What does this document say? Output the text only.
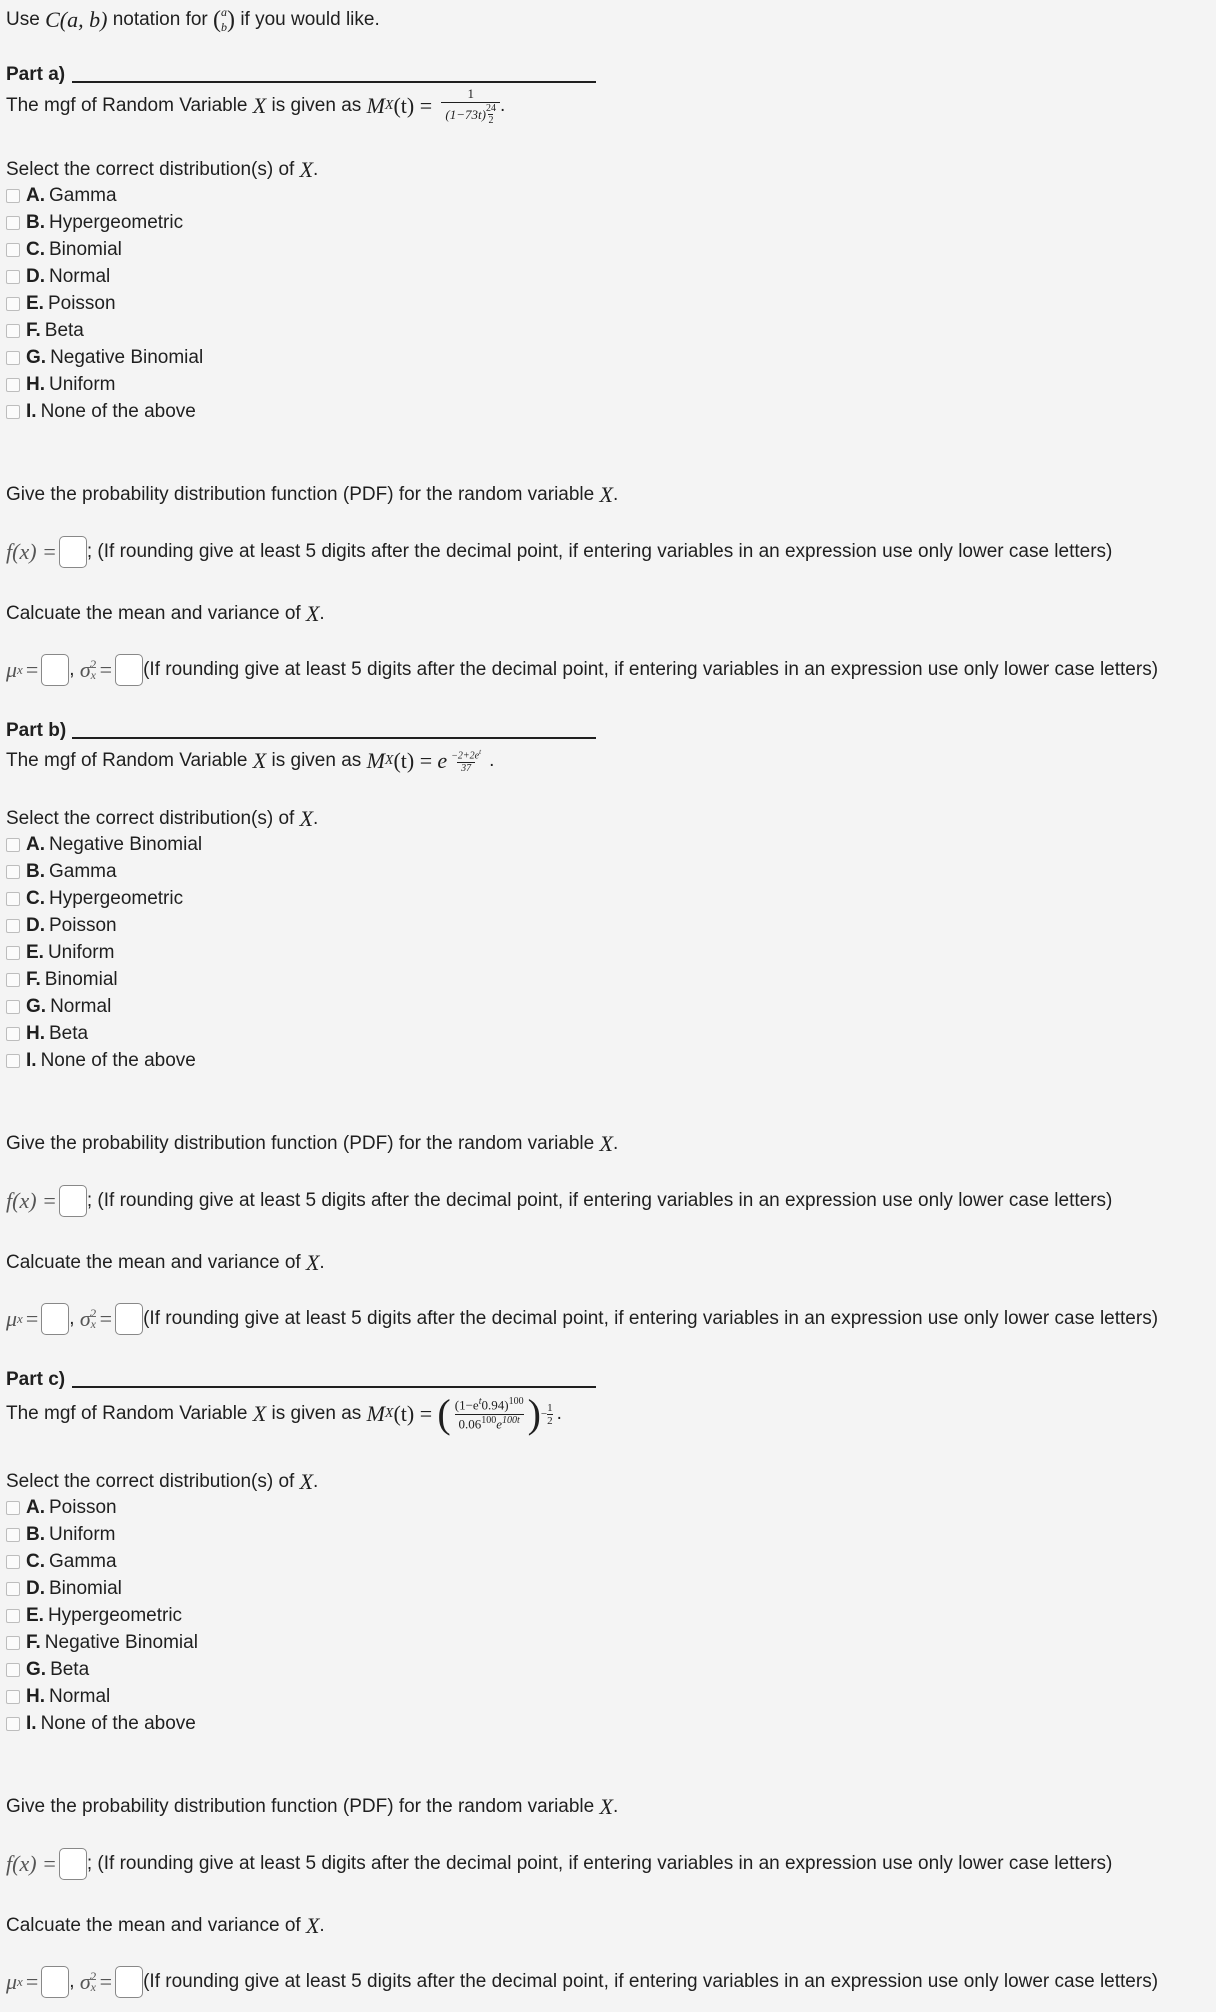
Use
C(a, b)
notation for
( a
b )
if you would like.
Part a)
The mgf of Random Variable
X
is given as
M X (t) =
1
(1−73t) $^{\frac{24}{2}}$ .
Select the correct distribution(s) of
X .
A. Gamma
B. Hypergeometric
C. Binomial
D. Normal
E. Poisson
F. Beta
G. Negative Binomial
H. Uniform
I. None of the above
Give the probability distribution function (PDF) for the random variable
X .
f(x) = ; (If rounding give at least 5 digits after the decimal point, if entering variables in an expression use only lower case letters)
Calcuate the mean and variance of
X .
μ x = ,
σ 2
x = (If rounding give at least 5 digits after the decimal point, if entering variables in an expression use only lower case letters)
Part b)
The mgf of Random Variable
X
is given as
M X (t) =
e $\frac{-2+2e^t}{37}$ .
Select the correct distribution(s) of
X .
A. Negative Binomial
B. Gamma
C. Hypergeometric
D. Poisson
E. Uniform
F. Binomial
G. Normal
H. Beta
I. None of the above
Give the probability distribution function (PDF) for the random variable
X .
f(x) = ; (If rounding give at least 5 digits after the decimal point, if entering variables in an expression use only lower case letters)
Calcuate the mean and variance of
X .
μ x = ,
σ 2
x = (If rounding give at least 5 digits after the decimal point, if entering variables in an expression use only lower case letters)
Part c)
The mgf of Random Variable
X
is given as
M X (t) =
( $\frac{(1-e^t0.94)^{100}}{0.06^{100}e^{100t}}$ ) − $\frac{1}{2}$ .
Select the correct distribution(s) of
X .
A. Poisson
B. Uniform
C. Gamma
D. Binomial
E. Hypergeometric
F. Negative Binomial
G. Beta
H. Normal
I. None of the above
Give the probability distribution function (PDF) for the random variable
X .
f(x) = ; (If rounding give at least 5 digits after the decimal point, if entering variables in an expression use only lower case letters)
Calcuate the mean and variance of
X .
μ x = ,
σ 2
x = (If rounding give at least 5 digits after the decimal point, if entering variables in an expression use only lower case letters)
